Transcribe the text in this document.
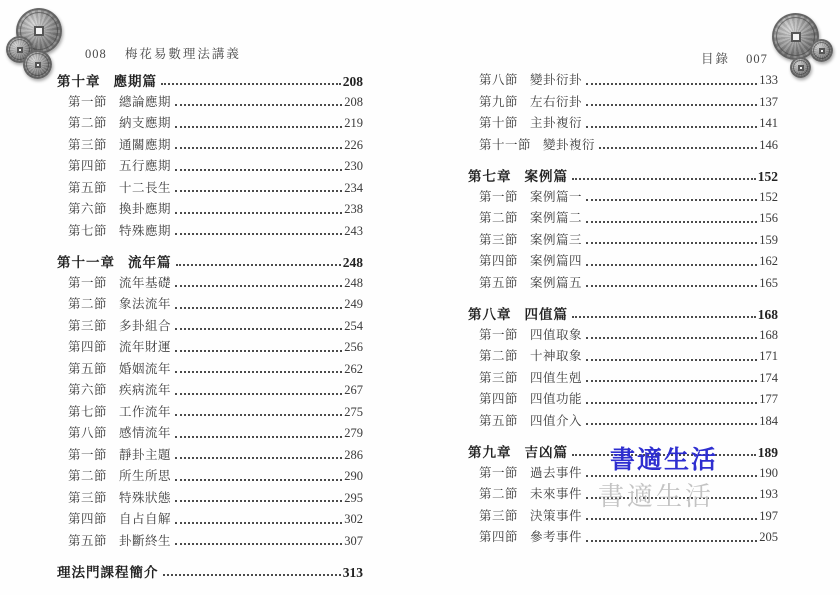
008 梅花易數理法講義	目錄 007
第十章 應期篇	208
第一節 總論應期	208
第二節 納支應期	219
第三節 通關應期	226
第四節 五行應期	230
第五節 十二長生	234
第六節 換卦應期	238
第七節 特殊應期	243
第十一章 流年篇	248
第一節 流年基礎	248
第二節 象法流年	249
第三節 多卦組合	254
第四節 流年財運	256
第五節 婚姻流年	262
第六節 疾病流年	267
第七節 工作流年	275
第八節 感情流年	279
第一節 靜卦主題	286
第二節 所生所思	290
第三節 特殊狀態	295
第四節 自占自解	302
第五節 卦斷終生	307
理法門課程簡介	313
第八節 變卦衍卦	133
第九節 左右衍卦	137
第十節 主卦複衍	141
第十一節 變卦複衍	146
第七章 案例篇	152
第一節 案例篇一	152
第二節 案例篇二	156
第三節 案例篇三	159
第四節 案例篇四	162
第五節 案例篇五	165
第八章 四值篇	168
第一節 四值取象	168
第二節 十神取象	171
第三節 四值生剋	174
第四節 四值功能	177
第五節 四值介入	184
第九章 吉凶篇	189
第一節 過去事件	190
第二節 未來事件	193
第三節 決策事件	197
第四節 參考事件	205
書適生活
書適生活
